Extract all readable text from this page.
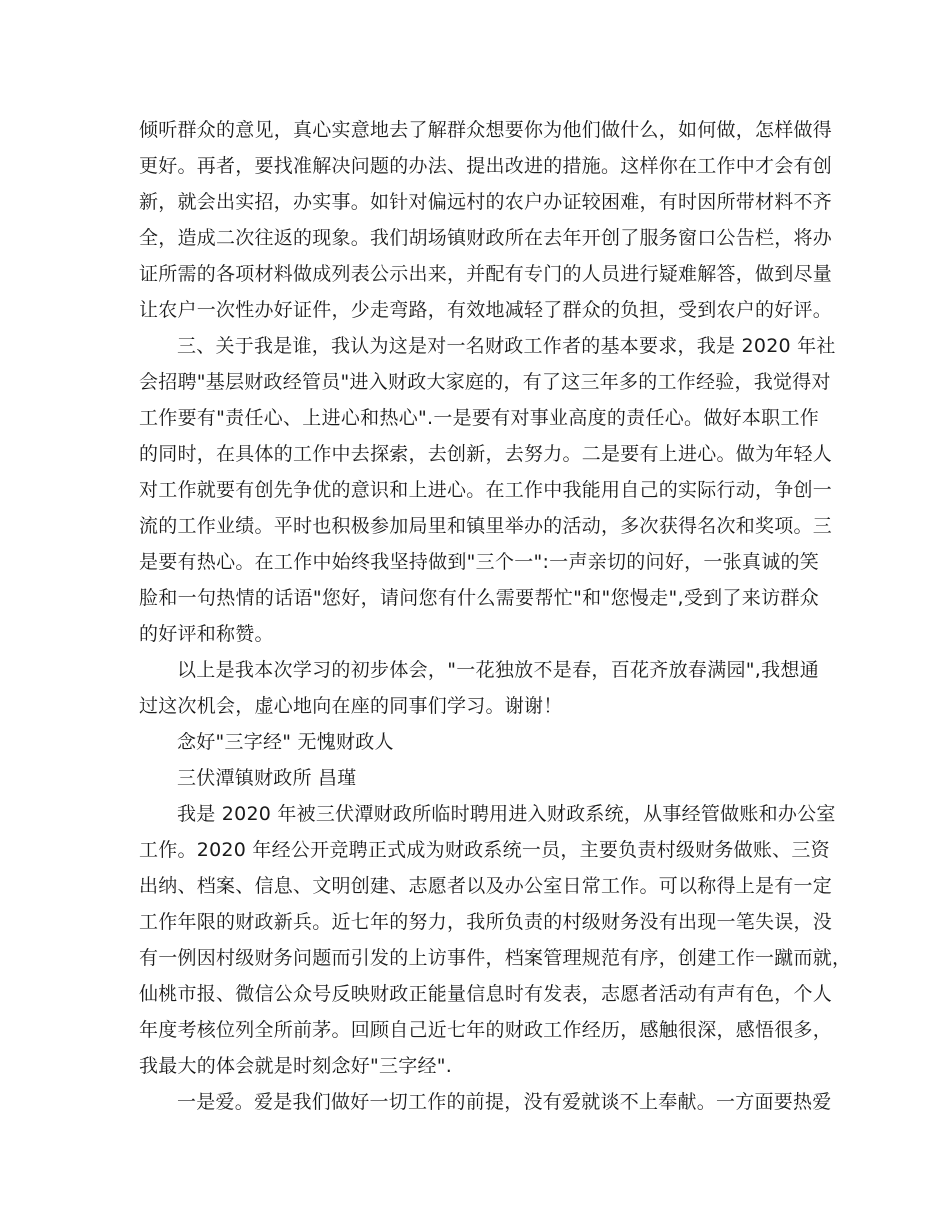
倾听群众的意见，真心实意地去了解群众想要你为他们做什么，如何做，怎样做得
更好。再者，要找准解决问题的办法、提出改进的措施。这样你在工作中才会有创
新，就会出实招，办实事。如针对偏远村的农户办证较困难，有时因所带材料不齐
全，造成二次往返的现象。我们胡场镇财政所在去年开创了服务窗口公告栏，将办
证所需的各项材料做成列表公示出来，并配有专门的人员进行疑难解答，做到尽量
让农户一次性办好证件，少走弯路，有效地减轻了群众的负担，受到农户的好评。
三、关于我是谁，我认为这是对一名财政工作者的基本要求，我是 2020 年社
会招聘"基层财政经管员"进入财政大家庭的，有了这三年多的工作经验，我觉得对
工作要有"责任心、上进心和热心".一是要有对事业高度的责任心。做好本职工作
的同时，在具体的工作中去探索，去创新，去努力。二是要有上进心。做为年轻人
对工作就要有创先争优的意识和上进心。在工作中我能用自己的实际行动，争创一
流的工作业绩。平时也积极参加局里和镇里举办的活动，多次获得名次和奖项。三
是要有热心。在工作中始终我坚持做到"三个一":一声亲切的问好，一张真诚的笑
脸和一句热情的话语"您好，请问您有什么需要帮忙"和"您慢走",受到了来访群众
的好评和称赞。
以上是我本次学习的初步体会，"一花独放不是春，百花齐放春满园",我想通
过这次机会，虚心地向在座的同事们学习。谢谢！
念好"三字经" 无愧财政人
三伏潭镇财政所 昌瑾
我是 2020 年被三伏潭财政所临时聘用进入财政系统，从事经管做账和办公室
工作。2020 年经公开竞聘正式成为财政系统一员，主要负责村级财务做账、三资
出纳、档案、信息、文明创建、志愿者以及办公室日常工作。可以称得上是有一定
工作年限的财政新兵。近七年的努力，我所负责的村级财务没有出现一笔失误，没
有一例因村级财务问题而引发的上访事件，档案管理规范有序，创建工作一蹴而就，
仙桃市报、微信公众号反映财政正能量信息时有发表，志愿者活动有声有色，个人
年度考核位列全所前茅。回顾自己近七年的财政工作经历，感触很深，感悟很多，
我最大的体会就是时刻念好"三字经".
一是爱。爱是我们做好一切工作的前提，没有爱就谈不上奉献。一方面要热爱
